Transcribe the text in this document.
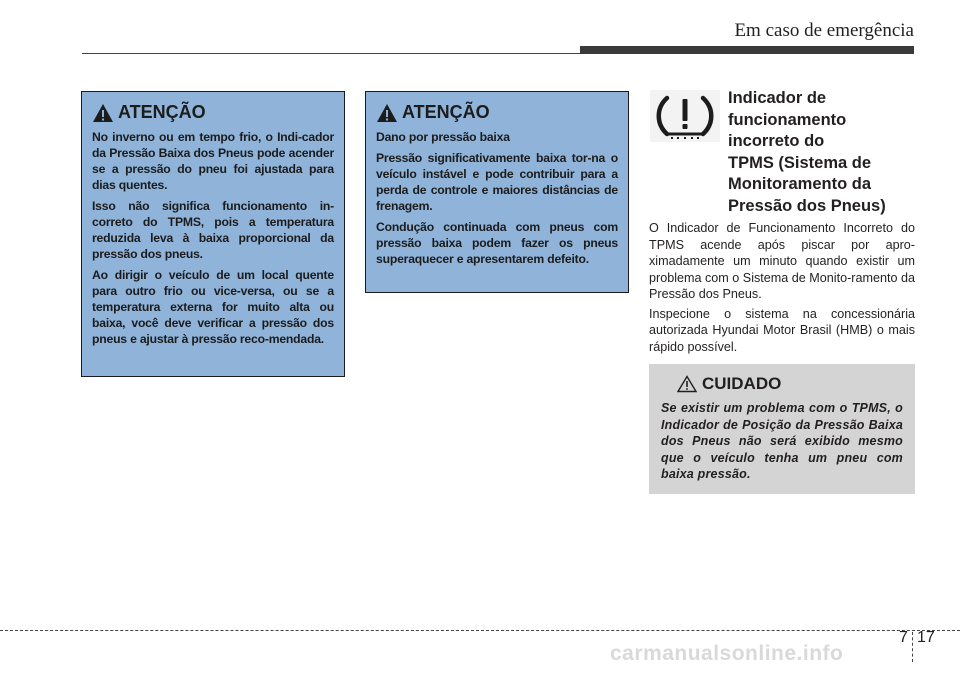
Em caso de emergência
ATENÇÃO

No inverno ou em tempo frio, o Indi-cador da Pressão Baixa dos Pneus pode acender se a pressão do pneu foi ajustada para dias quentes.

Isso não significa funcionamento in-correto do TPMS, pois a temperatura reduzida leva à baixa proporcional da pressão dos pneus.

Ao dirigir o veículo de um local quente para outro frio ou vice-versa, ou se a temperatura externa for muito alta ou baixa, você deve verificar a pressão dos pneus e ajustar à pressão reco-mendada.

ATENÇÃO

Dano por pressão baixa

Pressão significativamente baixa tor-na o veículo instável e pode contribuir para a perda de controle e maiores distâncias de frenagem.

Condução continuada com pneus com pressão baixa podem fazer os pneus superaquecer e apresentarem defeito.

Indicador de
funcionamento
incorreto do
TPMS (Sistema de
Monitoramento da
Pressão dos Pneus)

O Indicador de Funcionamento Incorreto do TPMS acende após piscar por apro-ximadamente um minuto quando existir um problema com o Sistema de Monito-ramento da Pressão dos Pneus.

Inspecione o sistema na concessionária autorizada Hyundai Motor Brasil (HMB) o mais rápido possível.

CUIDADO
Se existir um problema com o TPMS, o Indicador de Posição da Pressão Baixa dos Pneus não será exibido mesmo que o veículo tenha um pneu com baixa pressão.
7 17
carmanualsonline.info
